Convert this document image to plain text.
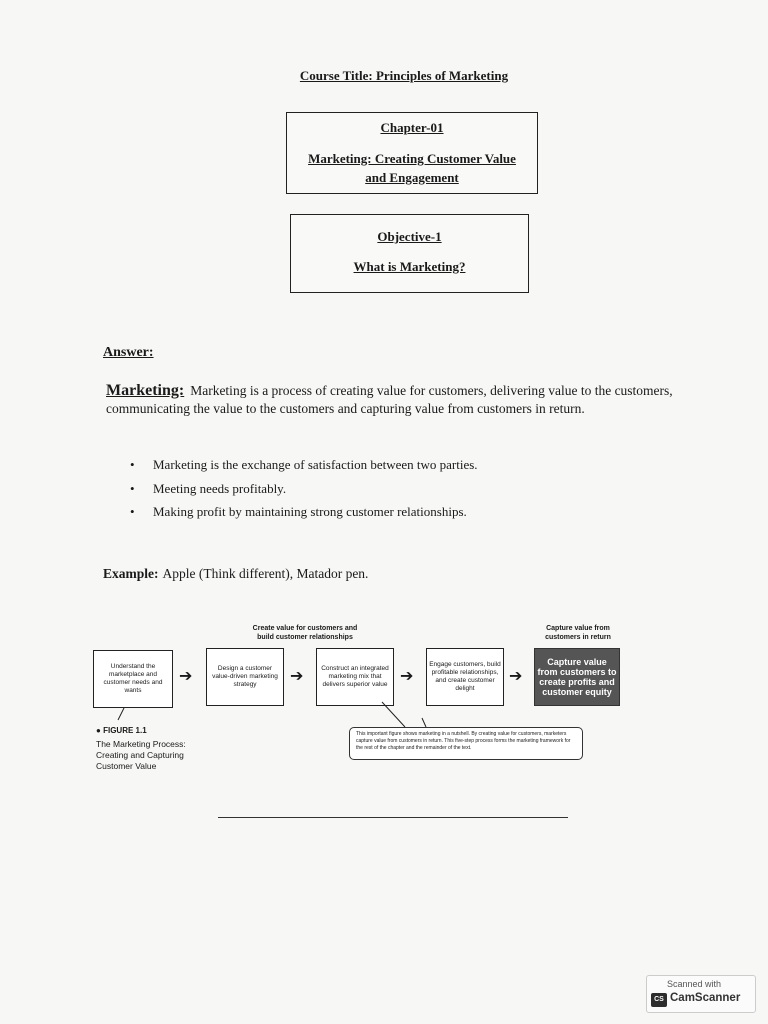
Course Title: Principles of Marketing
Chapter-01
Marketing: Creating Customer Value
and Engagement
Objective-1
What is Marketing?
Answer:
Marketing: Marketing is a process of creating value for customers, delivering value to the customers, communicating the value to the customers and capturing value from customers in return.
• Marketing is the exchange of satisfaction between two parties.
• Meeting needs profitably.
• Making profit by maintaining strong customer relationships.
Example: Apple (Think different), Matador pen.
Create value for customers and
build customer relationships
Capture value from
customers in return
Understand the marketplace and customer needs and wants
➔	Design a customer value-driven marketing strategy	➔	Construct an integrated marketing mix that delivers superior value ➔
Engage customers, build profitable relationships, and create customer delight
➔
Capture value from customers to create profits and customer equity
● FIGURE 1.1
The Marketing Process: Creating and Capturing Customer Value
This important figure shows marketing in a nutshell. By creating value for customers, marketers capture value from customers in return. This five-step process forms the marketing framework for the rest of the chapter and the remainder of the text.
Scanned with
CS CamScanner
